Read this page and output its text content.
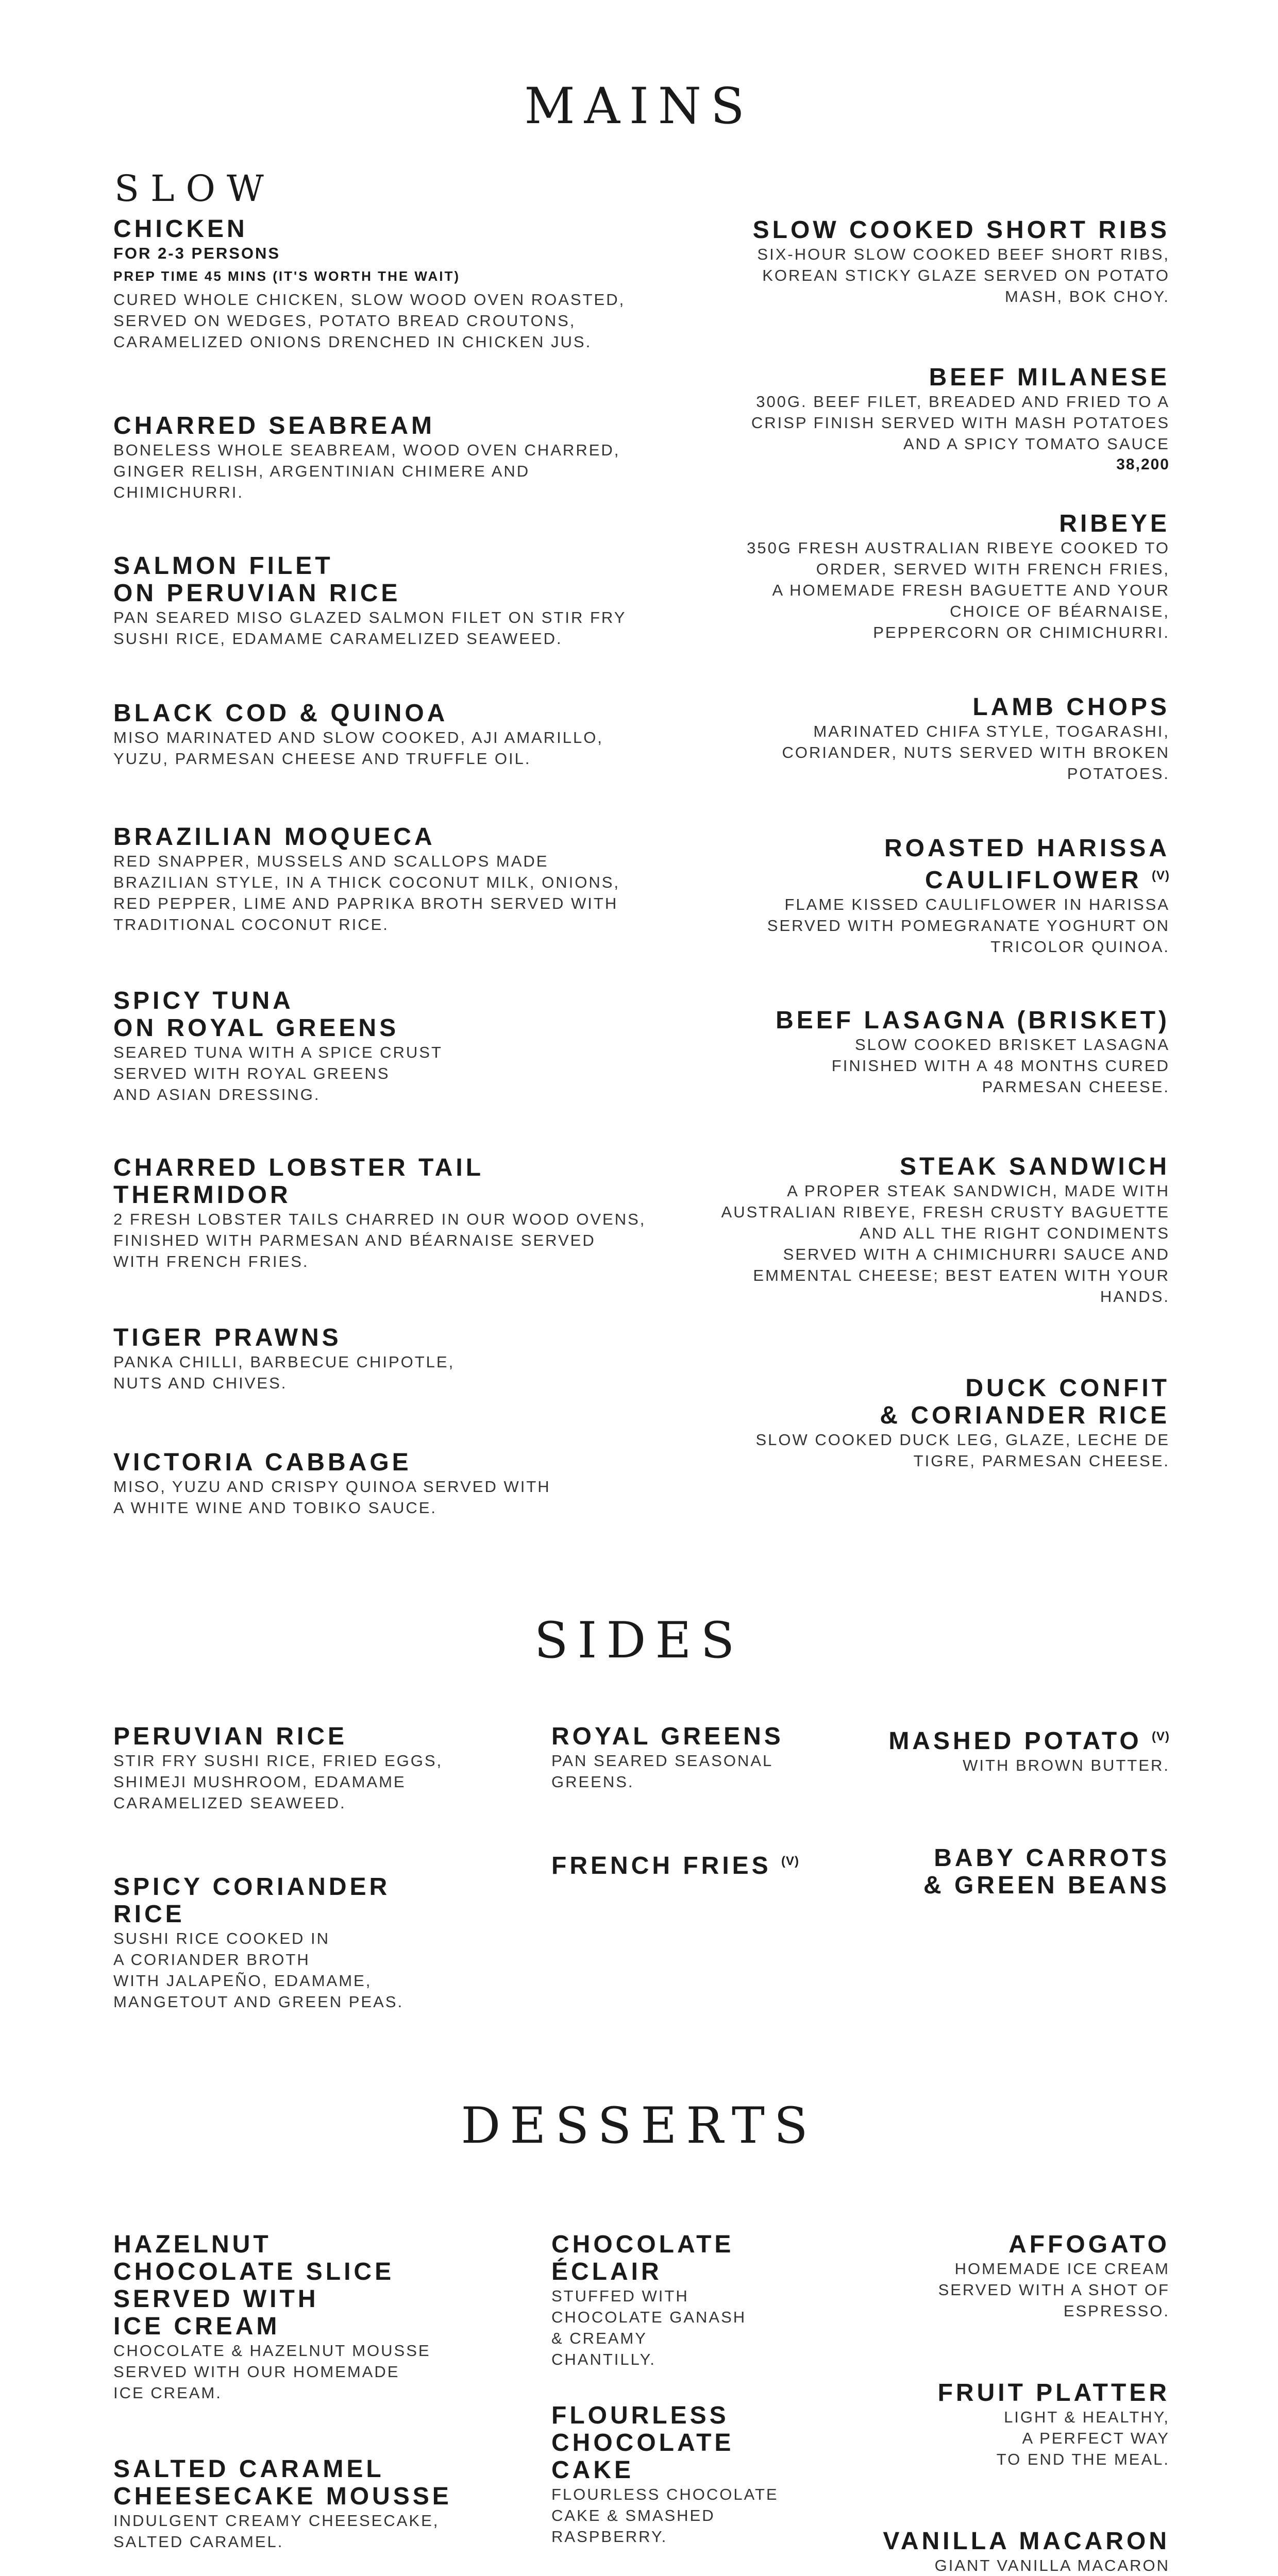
MAINS
SLOW
CHICKEN
FOR 2-3 PERSONS
PREP TIME 45 MINS (IT'S WORTH THE WAIT)
CURED WHOLE CHICKEN, SLOW WOOD OVEN ROASTED,
SERVED ON WEDGES, POTATO BREAD CROUTONS,
CARAMELIZED ONIONS DRENCHED IN CHICKEN JUS.
CHARRED SEABREAM
BONELESS WHOLE SEABREAM, WOOD OVEN CHARRED,
GINGER RELISH, ARGENTINIAN CHIMERE AND
CHIMICHURRI.
SALMON FILET
ON PERUVIAN RICE
PAN SEARED MISO GLAZED SALMON FILET ON STIR FRY
SUSHI RICE, EDAMAME CARAMELIZED SEAWEED.
BLACK COD & QUINOA
MISO MARINATED AND SLOW COOKED, AJI AMARILLO,
YUZU, PARMESAN CHEESE AND TRUFFLE OIL.
BRAZILIAN MOQUECA
RED SNAPPER, MUSSELS AND SCALLOPS MADE
BRAZILIAN STYLE, IN A THICK COCONUT MILK, ONIONS,
RED PEPPER, LIME AND PAPRIKA BROTH SERVED WITH
TRADITIONAL COCONUT RICE.
SPICY TUNA
ON ROYAL GREENS
SEARED TUNA WITH A SPICE CRUST
SERVED WITH ROYAL GREENS
AND ASIAN DRESSING.
CHARRED LOBSTER TAIL
THERMIDOR
2 FRESH LOBSTER TAILS CHARRED IN OUR WOOD OVENS,
FINISHED WITH PARMESAN AND BÉARNAISE SERVED
WITH FRENCH FRIES.
TIGER PRAWNS
PANKA CHILLI, BARBECUE CHIPOTLE,
NUTS AND CHIVES.
VICTORIA CABBAGE
MISO, YUZU AND CRISPY QUINOA SERVED WITH
A WHITE WINE AND TOBIKO SAUCE.
SLOW COOKED SHORT RIBS
SIX-HOUR SLOW COOKED BEEF SHORT RIBS,
KOREAN STICKY GLAZE SERVED ON POTATO
MASH, BOK CHOY.
BEEF MILANESE
300G. BEEF FILET, BREADED AND FRIED TO A
CRISP FINISH SERVED WITH MASH POTATOES
AND A SPICY TOMATO SAUCE
38,200
RIBEYE
350G FRESH AUSTRALIAN RIBEYE COOKED TO
ORDER, SERVED WITH FRENCH FRIES,
A HOMEMADE FRESH BAGUETTE AND YOUR
CHOICE OF BÉARNAISE,
PEPPERCORN OR CHIMICHURRI.
LAMB CHOPS
MARINATED CHIFA STYLE, TOGARASHI,
CORIANDER, NUTS SERVED WITH BROKEN
POTATOES.
ROASTED HARISSA
CAULIFLOWER $^{(V)}$
FLAME KISSED CAULIFLOWER IN HARISSA
SERVED WITH POMEGRANATE YOGHURT ON
TRICOLOR QUINOA.
BEEF LASAGNA (BRISKET)
SLOW COOKED BRISKET LASAGNA
FINISHED WITH A 48 MONTHS CURED
PARMESAN CHEESE.
STEAK SANDWICH
A PROPER STEAK SANDWICH, MADE WITH
AUSTRALIAN RIBEYE, FRESH CRUSTY BAGUETTE
AND ALL THE RIGHT CONDIMENTS
SERVED WITH A CHIMICHURRI SAUCE AND
EMMENTAL CHEESE; BEST EATEN WITH YOUR
HANDS.
DUCK CONFIT
& CORIANDER RICE
SLOW COOKED DUCK LEG, GLAZE, LECHE DE
TIGRE, PARMESAN CHEESE.
SIDES
PERUVIAN RICE
STIR FRY SUSHI RICE, FRIED EGGS,
SHIMEJI MUSHROOM, EDAMAME
CARAMELIZED SEAWEED.
SPICY CORIANDER
RICE
SUSHI RICE COOKED IN
A CORIANDER BROTH
WITH JALAPEÑO, EDAMAME,
MANGETOUT AND GREEN PEAS.
ROYAL GREENS
PAN SEARED SEASONAL
GREENS.
FRENCH FRIES $^{(V)}$
MASHED POTATO $^{(V)}$
WITH BROWN BUTTER.
BABY CARROTS
& GREEN BEANS
DESSERTS
HAZELNUT
CHOCOLATE SLICE
SERVED WITH
ICE CREAM
CHOCOLATE & HAZELNUT MOUSSE
SERVED WITH OUR HOMEMADE
ICE CREAM.
SALTED CARAMEL
CHEESECAKE MOUSSE
INDULGENT CREAMY CHEESECAKE,
SALTED CARAMEL.
CHOCOLATE
ÉCLAIR
STUFFED WITH
CHOCOLATE GANASH
& CREAMY
CHANTILLY.
FLOURLESS
CHOCOLATE
CAKE
FLOURLESS CHOCOLATE
CAKE & SMASHED
RASPBERRY.
AFFOGATO
HOMEMADE ICE CREAM
SERVED WITH A SHOT OF
ESPRESSO.
FRUIT PLATTER
LIGHT & HEALTHY,
A PERFECT WAY
TO END THE MEAL.
VANILLA MACARON
GIANT VANILLA MACARON
